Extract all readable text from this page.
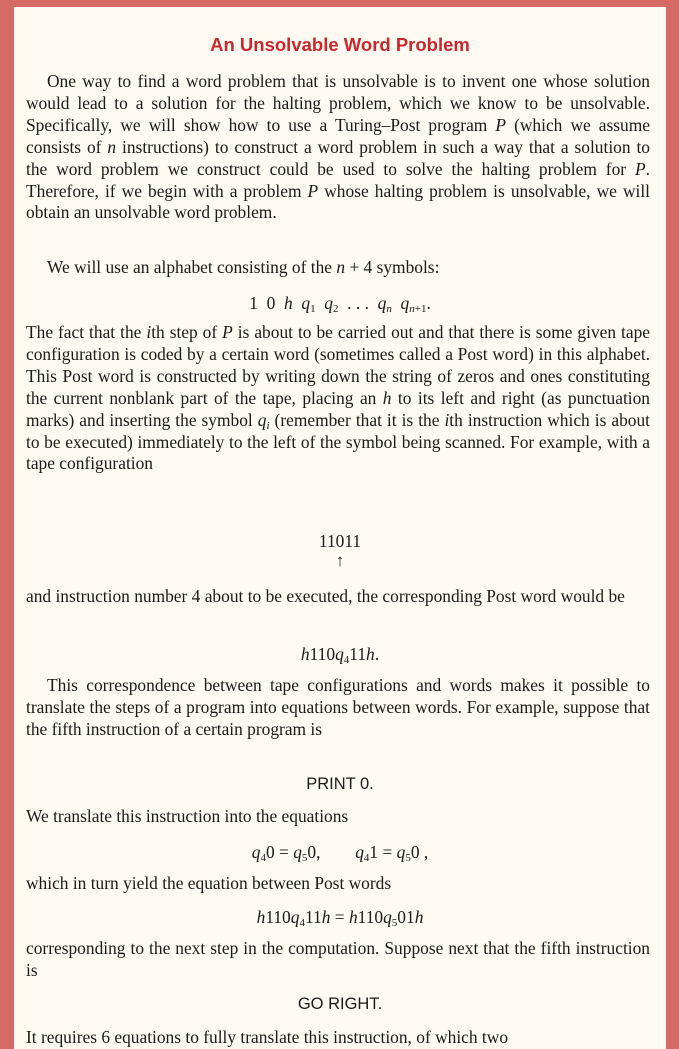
An Unsolvable Word Problem
One way to find a word problem that is unsolvable is to invent one whose solution would lead to a solution for the halting problem, which we know to be unsolvable. Specifically, we will show how to use a Turing–Post program P (which we assume consists of n instructions) to construct a word problem in such a way that a solution to the word problem we construct could be used to solve the halting problem for P. Therefore, if we begin with a problem P whose halting problem is unsolvable, we will obtain an unsolvable word problem.
We will use an alphabet consisting of the n + 4 symbols:
1  0  h $q_1$ $q_2$  . . .  $q_n$ $q_{n+1}$.
The fact that the ith step of P is about to be carried out and that there is some given tape configuration is coded by a certain word (sometimes called a Post word) in this alphabet. This Post word is constructed by writing down the string of zeros and ones constituting the current nonblank part of the tape, placing an h to its left and right (as punctuation marks) and inserting the symbol $q_i$ (remember that it is the ith instruction which is about to be executed) immediately to the left of the symbol being scanned. For example, with a tape configuration
11011
↑
and instruction number 4 about to be executed, the corresponding Post word would be
$h110q_411h$.
This correspondence between tape configurations and words makes it possible to translate the steps of a program into equations between words. For example, suppose that the fifth instruction of a certain program is
PRINT 0.
We translate this instruction into the equations
$q_40 = q_50$,        $q_41 = q_50$ ,
which in turn yield the equation between Post words
$h110q_411h = h110q_501h$
corresponding to the next step in the computation. Suppose next that the fifth instruction is
GO RIGHT.
It requires 6 equations to fully translate this instruction, of which two
